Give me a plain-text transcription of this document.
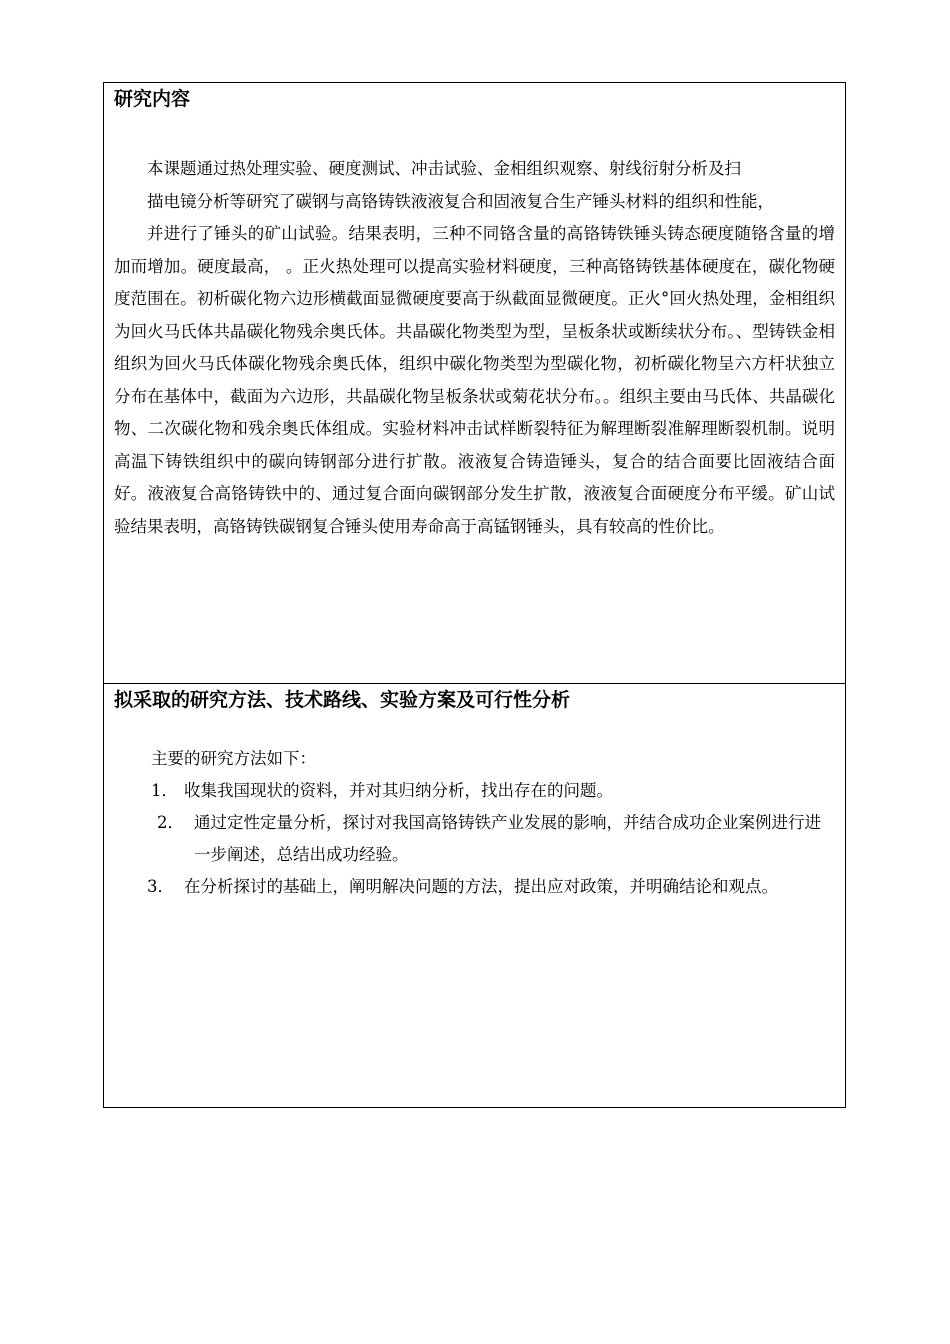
研究内容

本课题通过热处理实验、硬度测试、冲击试验、金相组织观察、射线衍射分析及扫

描电镜分析等研究了碳钢与高铬铸铁液液复合和固液复合生产锤头材料的组织和性能，

并进行了锤头的矿山试验。结果表明，三种不同铬含量的高铬铸铁锤头铸态硬度随铬含量的增加而增加。硬度最高， 。正火热处理可以提高实验材料硬度，三种高铬铸铁基体硬度在，碳化物硬度范围在。初析碳化物六边形横截面显微硬度要高于纵截面显微硬度。正火°回火热处理，金相组织为回火马氏体共晶碳化物残余奥氏体。共晶碳化物类型为型，呈板条状或断续状分布。、型铸铁金相组织为回火马氏体碳化物残余奥氏体，组织中碳化物类型为型碳化物，初析碳化物呈六方杆状独立分布在基体中，截面为六边形，共晶碳化物呈板条状或菊花状分布。。组织主要由马氏体、共晶碳化物、二次碳化物和残余奥氏体组成。实验材料冲击试样断裂特征为解理断裂准解理断裂机制。说明高温下铸铁组织中的碳向铸钢部分进行扩散。液液复合铸造锤头，复合的结合面要比固液结合面好。液液复合高铬铸铁中的、通过复合面向碳钢部分发生扩散，液液复合面硬度分布平缓。矿山试验结果表明，高铬铸铁碳钢复合锤头使用寿命高于高锰钢锤头，具有较高的性价比。

拟采取的研究方法、技术路线、实验方案及可行性分析
主要的研究方法如下：
1． 收集我国现状的资料，并对其归纳分析，找出存在的问题。
2． 通过定性定量分析，探讨对我国高铬铸铁产业发展的影响，并结合成功企业案例进行进一步阐述，总结出成功经验。
3． 在分析探讨的基础上，阐明解决问题的方法，提出应对政策，并明确结论和观点。
